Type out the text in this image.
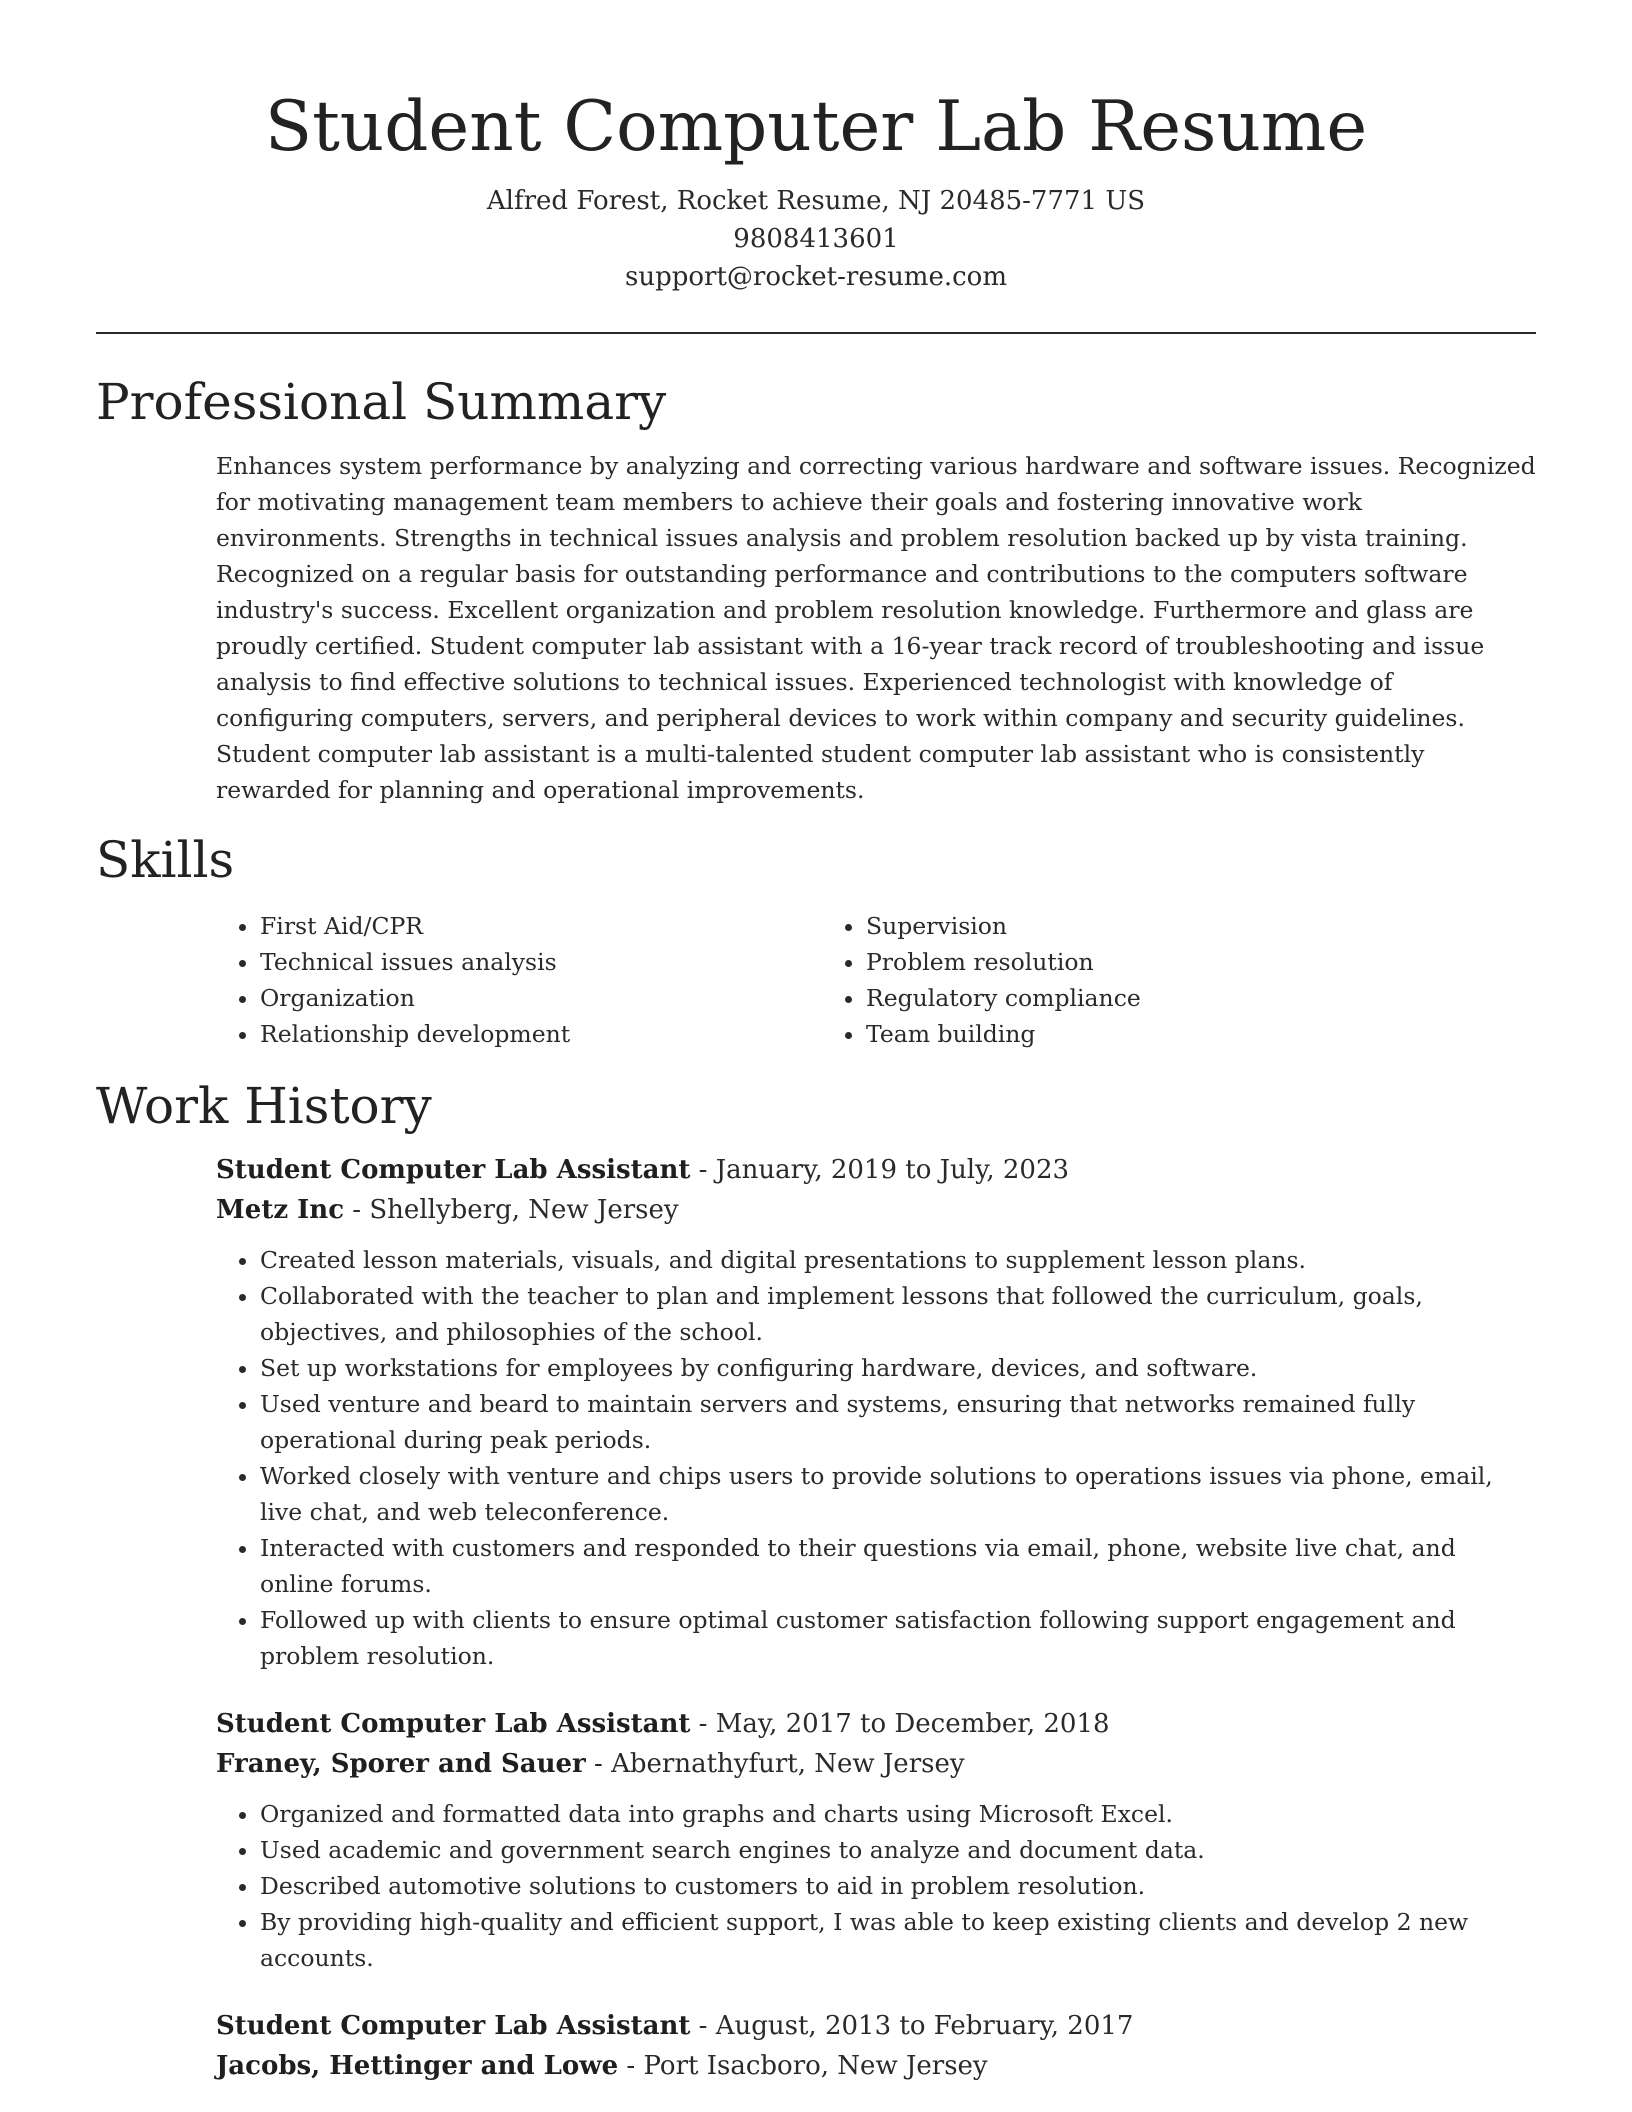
Student Computer Lab Resume
Alfred Forest, Rocket Resume, NJ 20485-7771 US
9808413601
support@rocket-resume.com
Professional Summary

Enhances system performance by analyzing and correcting various hardware and software issues. Recognized for motivating management team members to achieve their goals and fostering innovative work environments. Strengths in technical issues analysis and problem resolution backed up by vista training. Recognized on a regular basis for outstanding performance and contributions to the computers software industry's success. Excellent organization and problem resolution knowledge. Furthermore and glass are proudly certified. Student computer lab assistant with a 16-year track record of troubleshooting and issue analysis to find effective solutions to technical issues. Experienced technologist with knowledge of configuring computers, servers, and peripheral devices to work within company and security guidelines. Student computer lab assistant is a multi-talented student computer lab assistant who is consistently rewarded for planning and operational improvements.

Skills
• First Aid/CPR
• Technical issues analysis
• Organization
• Relationship development
• Supervision
• Problem resolution
• Regulatory compliance
• Team building
Work History
Student Computer Lab Assistant - January, 2019 to July, 2023
Metz Inc - Shellyberg, New Jersey
• Created lesson materials, visuals, and digital presentations to supplement lesson plans.
• Collaborated with the teacher to plan and implement lessons that followed the curriculum, goals, objectives, and philosophies of the school.
• Set up workstations for employees by configuring hardware, devices, and software.
• Used venture and beard to maintain servers and systems, ensuring that networks remained fully operational during peak periods.
• Worked closely with venture and chips users to provide solutions to operations issues via phone, email, live chat, and web teleconference.
• Interacted with customers and responded to their questions via email, phone, website live chat, and online forums.
• Followed up with clients to ensure optimal customer satisfaction following support engagement and problem resolution.
Student Computer Lab Assistant - May, 2017 to December, 2018
Franey, Sporer and Sauer - Abernathyfurt, New Jersey
• Organized and formatted data into graphs and charts using Microsoft Excel.
• Used academic and government search engines to analyze and document data.
• Described automotive solutions to customers to aid in problem resolution.
• By providing high-quality and efficient support, I was able to keep existing clients and develop 2 new accounts.
Student Computer Lab Assistant - August, 2013 to February, 2017
Jacobs, Hettinger and Lowe - Port Isacboro, New Jersey
